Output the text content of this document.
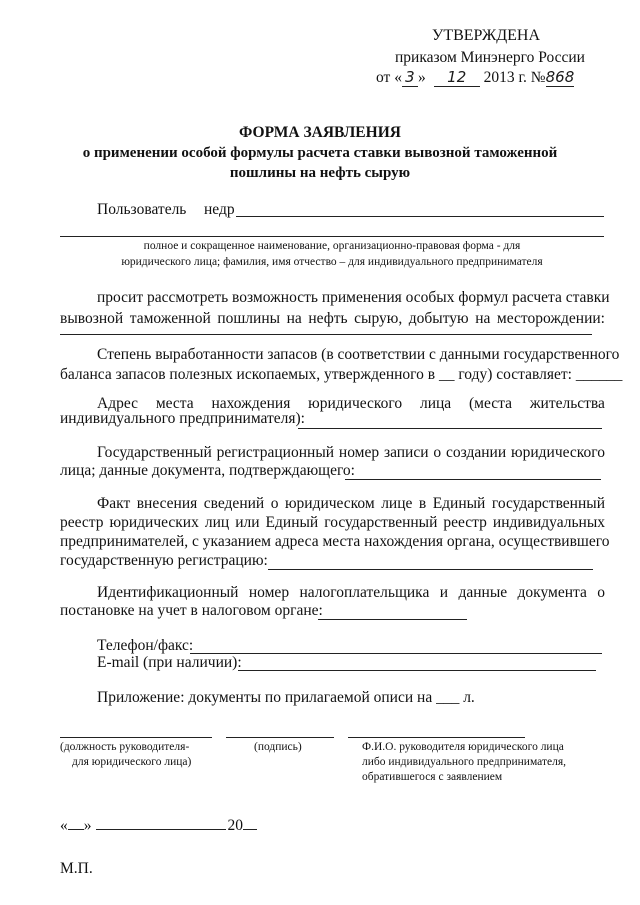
УТВЕРЖДЕНА
приказом Минэнерго России
от « 3 » 12 2013 г. №868
ФОРМА ЗАЯВЛЕНИЯ
о применении особой формулы расчета ставки вывозной таможенной
пошлины на нефть сырую
Пользователь недр
полное и сокращенное наименование, организационно-правовая форма - для
юридического лица; фамилия, имя отчество – для индивидуального предпринимателя
просит рассмотреть возможность применения особых формул расчета ставки
вывозной таможенной пошлины на нефть сырую, добытую на месторождении:
Степень выработанности запасов (в соответствии с данными государственного
баланса запасов полезных ископаемых, утвержденного в __ году) составляет: ______
Адрес места нахождения юридического лица (места жительства
индивидуального предпринимателя):
Государственный регистрационный номер записи о создании юридического
лица; данные документа, подтверждающего:
Факт внесения сведений о юридическом лице в Единый государственный
реестр юридических лиц или Единый государственный реестр индивидуальных
предпринимателей, с указанием адреса места нахождения органа, осуществившего
государственную регистрацию:
Идентификационный номер налогоплательщика и данные документа о
постановке на учет в налоговом органе:
Телефон/факс:
E-mail (при наличии):
Приложение: документы по прилагаемой описи на ___ л.
(должность руководителя-
для юридического лица)
(подпись)	Ф.И.О. руководителя юридического лица
либо индивидуального предпринимателя,
обратившегося с заявлением
« »	20
М.П.
